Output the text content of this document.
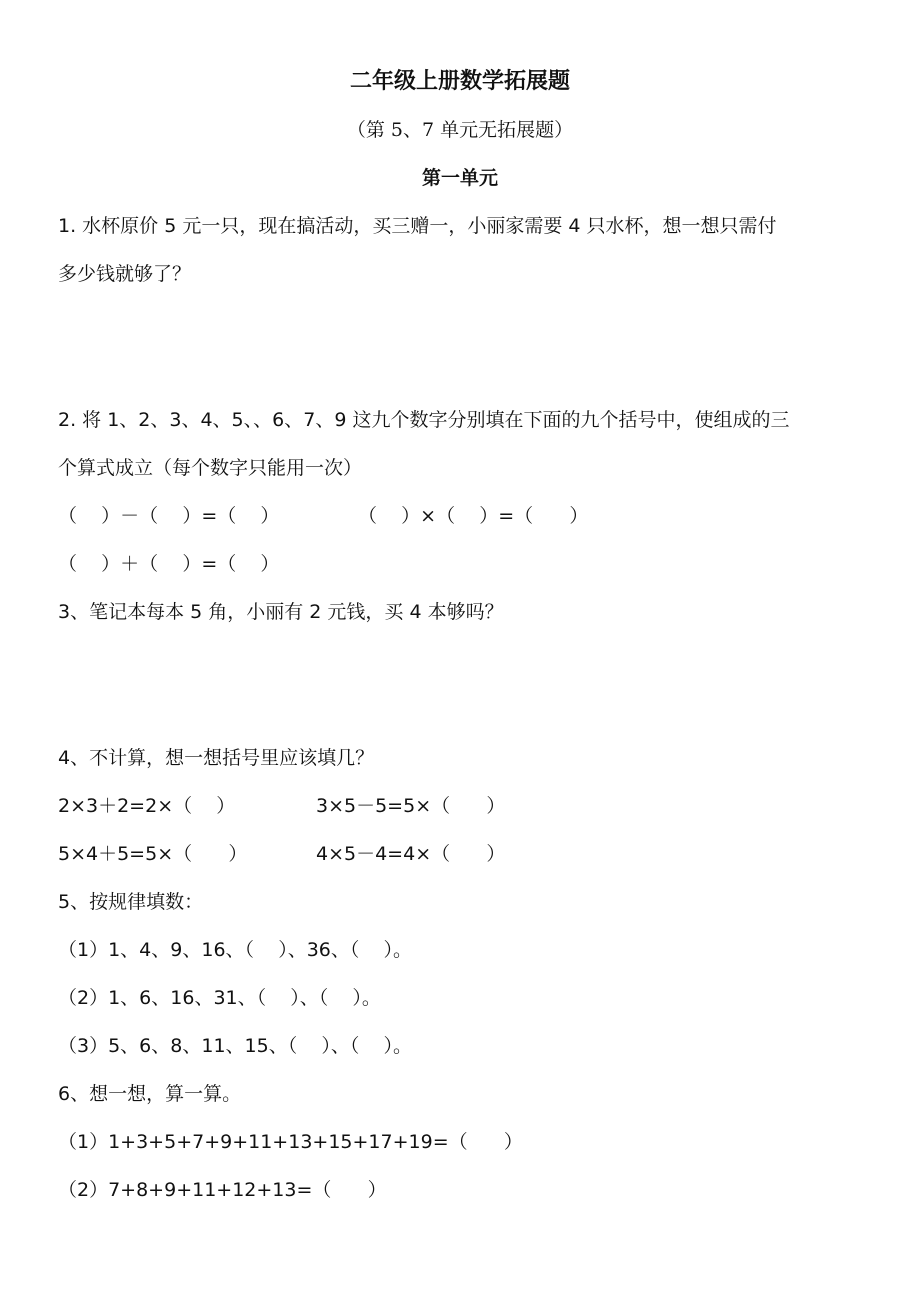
二年级上册数学拓展题
（第 5、7 单元无拓展题）
第一单元
1. 水杯原价 5 元一只，现在搞活动，买三赠一，小丽家需要 4 只水杯，想一想只需付
多少钱就够了？
2. 将 1、2、3、4、5、、6、7、9 这九个数字分别填在下面的九个括号中，使组成的三
个算式成立（每个数字只能用一次）
（    ）－（    ）=（    ）	（    ）×（    ）=（      ）
（    ）＋（    ）=（    ）
3、笔记本每本 5 角，小丽有 2 元钱，买 4 本够吗？
4、不计算，想一想括号里应该填几？
2×3＋2=2×（    ）	3×5－5=5×（      ）
5×4＋5=5×（      ）	4×5－4=4×（      ）
5、按规律填数：
（1）1、4、9、16、（    ）、36、（    ）。
（2）1、6、16、31、（    ）、（    ）。
（3）5、6、8、11、15、（    ）、（    ）。
6、想一想，算一算。
（1）1+3+5+7+9+11+13+15+17+19=（      ）
（2）7+8+9+11+12+13=（      ）
